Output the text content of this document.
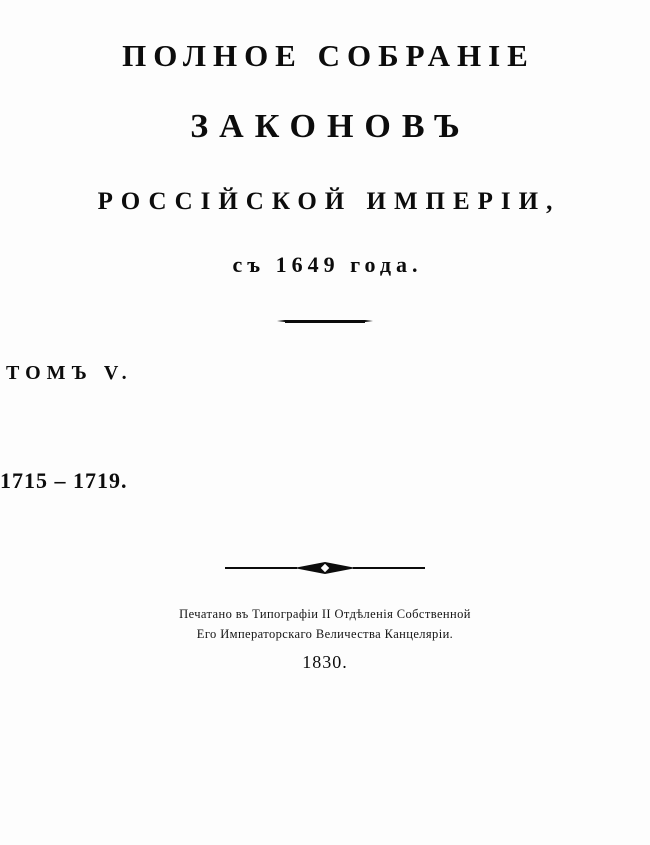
ПОЛНОЕ СОБРАНІЕ
ЗАКОНОВЪ
РОССІЙСКОЙ ИМПЕРІИ,
съ 1649 года.
ТОМЪ V.
1715 – 1719.
Печатано въ Типографіи II Отдѣленія Собственной
Его Императорскаго Величества Канцеляріи.
1830.
